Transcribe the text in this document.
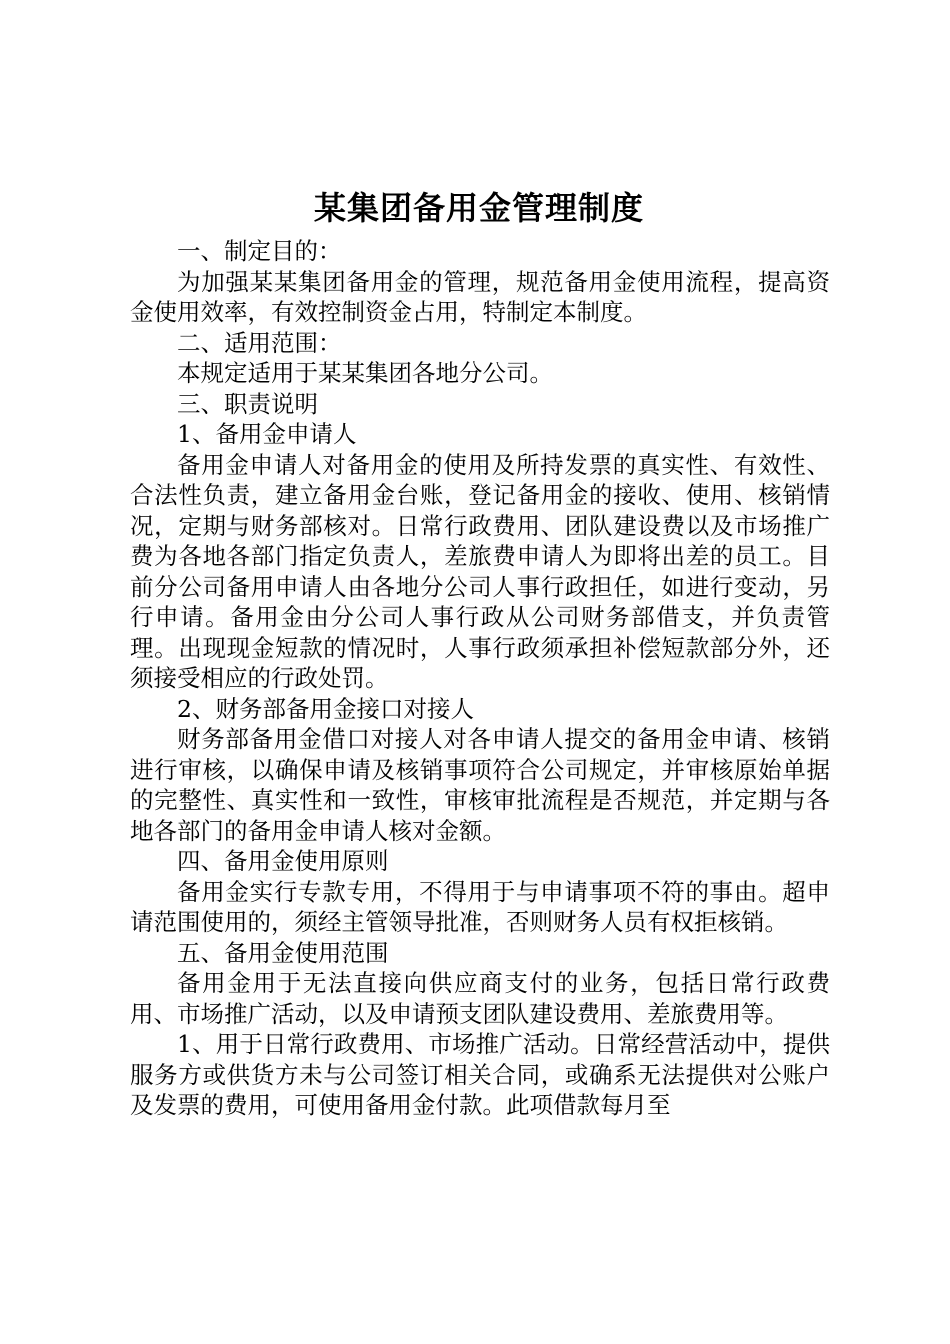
某集团备用金管理制度

一、制定目的：

为加强某某集团备用金的管理，规范备用金使用流程，提高资金使用效率，有效控制资金占用，特制定本制度。

二、适用范围：

本规定适用于某某集团各地分公司。

三、职责说明

1、备用金申请人

备用金申请人对备用金的使用及所持发票的真实性、有效性、合法性负责，建立备用金台账，登记备用金的接收、使用、核销情况，定期与财务部核对。日常行政费用、团队建设费以及市场推广费为各地各部门指定负责人，差旅费申请人为即将出差的员工。目前分公司备用申请人由各地分公司人事行政担任，如进行变动，另行申请。备用金由分公司人事行政从公司财务部借支，并负责管理。出现现金短款的情况时，人事行政须承担补偿短款部分外，还须接受相应的行政处罚。

2、财务部备用金接口对接人

财务部备用金借口对接人对各申请人提交的备用金申请、核销进行审核，以确保申请及核销事项符合公司规定，并审核原始单据的完整性、真实性和一致性，审核审批流程是否规范，并定期与各地各部门的备用金申请人核对金额。

四、备用金使用原则

备用金实行专款专用，不得用于与申请事项不符的事由。超申请范围使用的，须经主管领导批准，否则财务人员有权拒核销。

五、备用金使用范围

备用金用于无法直接向供应商支付的业务，包括日常行政费用、市场推广活动，以及申请预支团队建设费用、差旅费用等。

1、用于日常行政费用、市场推广活动。日常经营活动中，提供服务方或供货方未与公司签订相关合同，或确系无法提供对公账户及发票的费用，可使用备用金付款。此项借款每月至
